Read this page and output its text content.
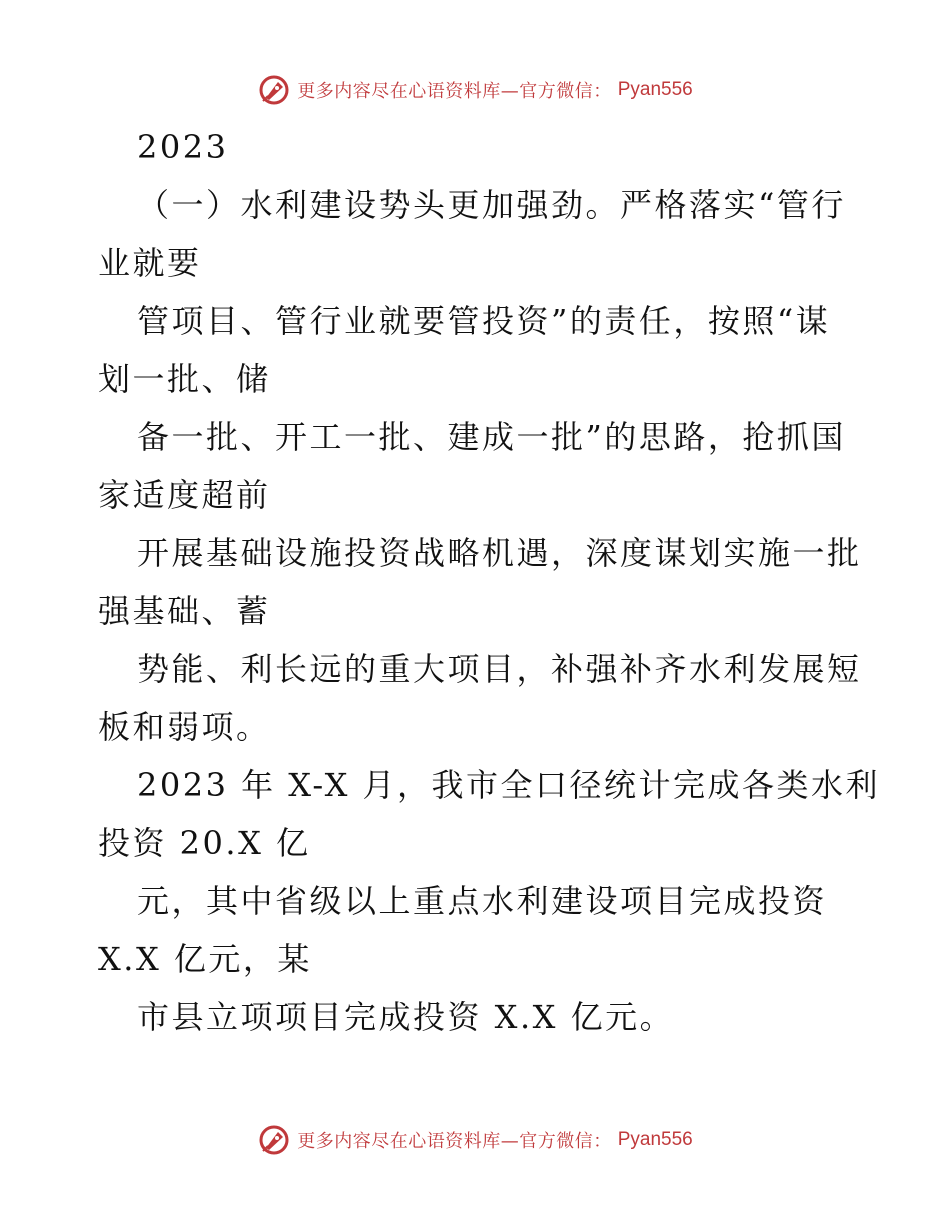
更多内容尽在心语资料库—官方微信： Pyan556
2023
（一）水利建设势头更加强劲。严格落实“管行
业就要
管项目、管行业就要管投资”的责任，按照“谋
划一批、储
备一批、开工一批、建成一批”的思路，抢抓国
家适度超前
开展基础设施投资战略机遇，深度谋划实施一批
强基础、蓄
势能、利长远的重大项目，补强补齐水利发展短
板和弱项。
2023 年 X-X 月，我市全口径统计完成各类水利
投资 20.X 亿
元，其中省级以上重点水利建设项目完成投资
X.X 亿元，某
市县立项项目完成投资 X.X 亿元。
更多内容尽在心语资料库—官方微信： Pyan556
